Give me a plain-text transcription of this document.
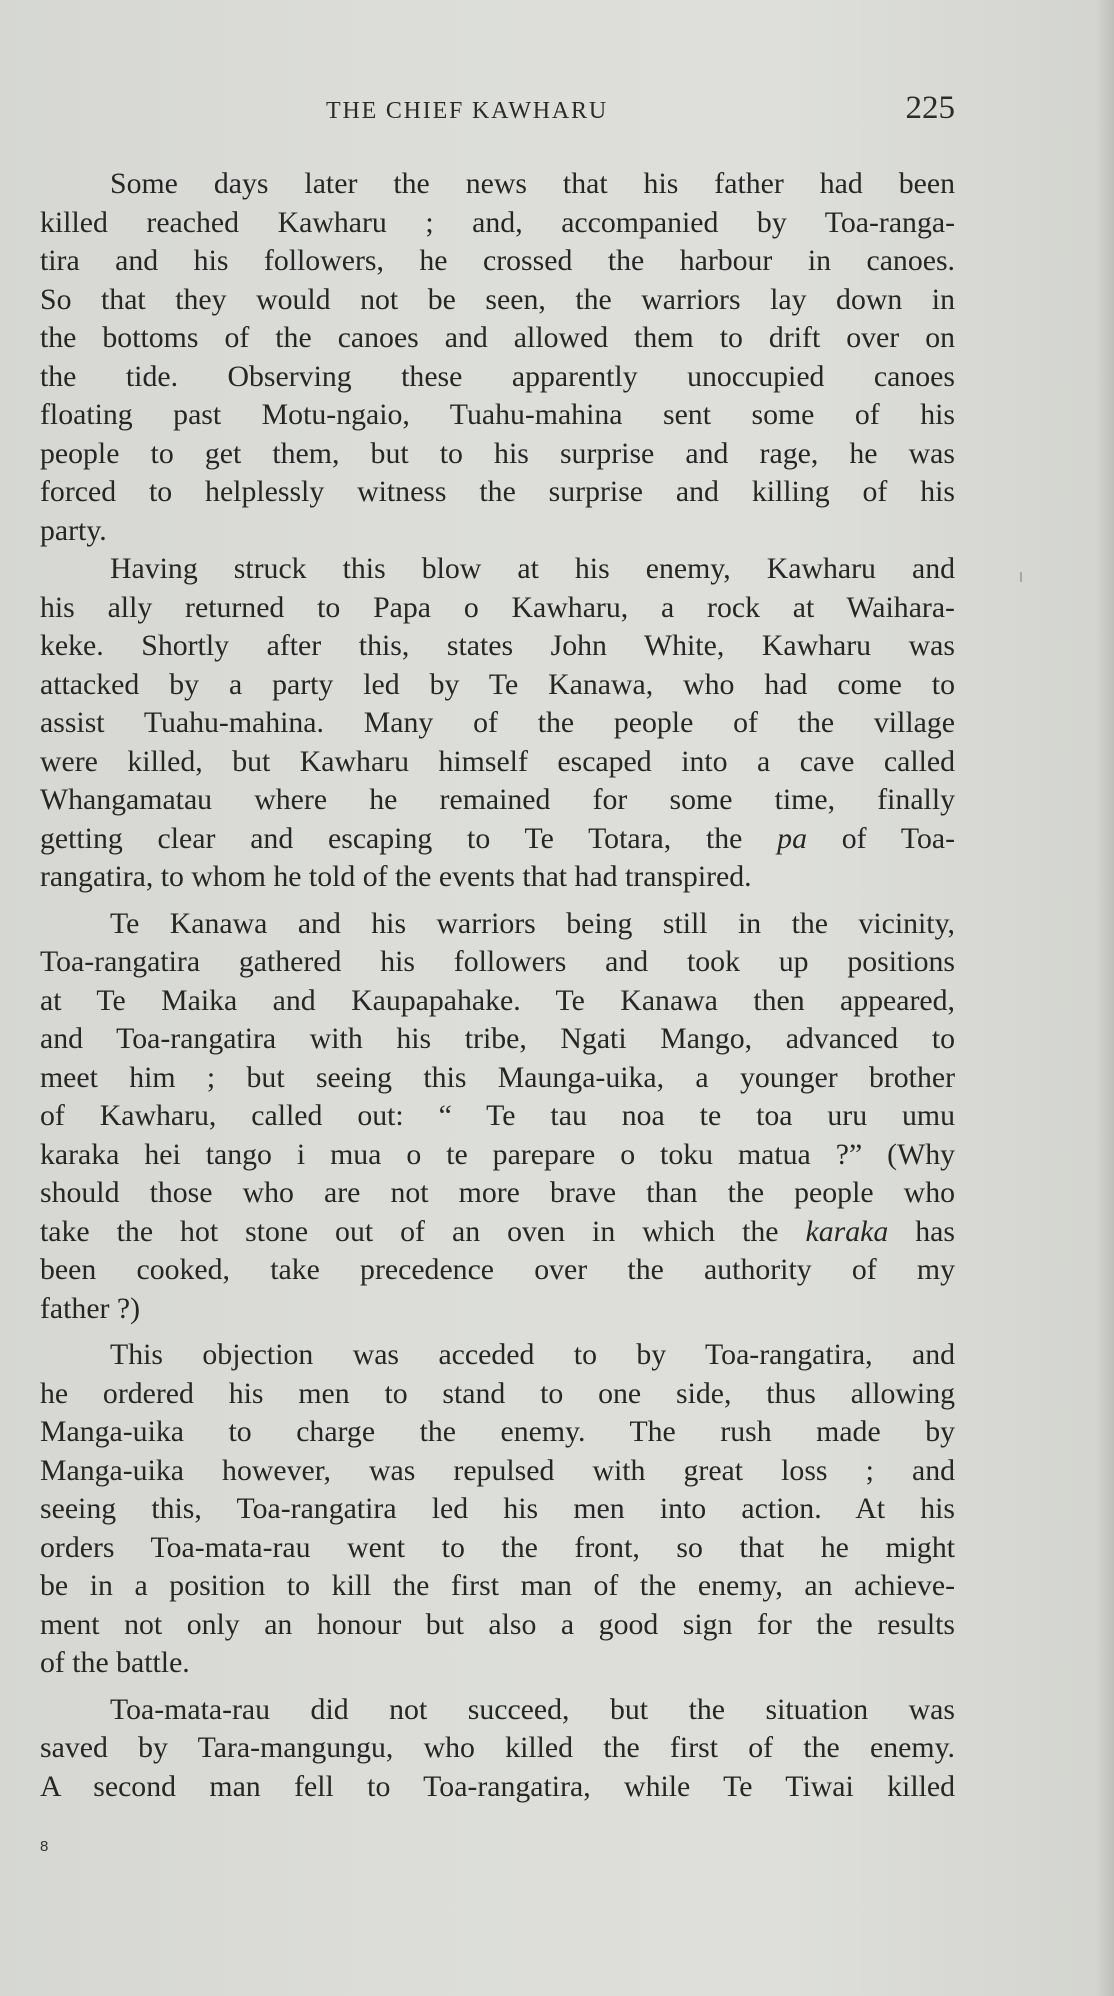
THE CHIEF KAWHARU	225
Some days later the news that his father had been
killed reached Kawharu ; and, accompanied by Toa-ranga-
tira and his followers, he crossed the harbour in canoes.
So that they would not be seen, the warriors lay down in
the bottoms of the canoes and allowed them to drift over on
the tide. Observing these apparently unoccupied canoes
floating past Motu-ngaio, Tuahu-mahina sent some of his
people to get them, but to his surprise and rage, he was
forced to helplessly witness the surprise and killing of his
party.
Having struck this blow at his enemy, Kawharu and
his ally returned to Papa o Kawharu, a rock at Waihara-
keke. Shortly after this, states John White, Kawharu was
attacked by a party led by Te Kanawa, who had come to
assist Tuahu-mahina. Many of the people of the village
were killed, but Kawharu himself escaped into a cave called
Whangamatau where he remained for some time, finally
getting clear and escaping to Te Totara, the pa of Toa-
rangatira, to whom he told of the events that had transpired.
Te Kanawa and his warriors being still in the vicinity,
Toa-rangatira gathered his followers and took up positions
at Te Maika and Kaupapahake. Te Kanawa then appeared,
and Toa-rangatira with his tribe, Ngati Mango, advanced to
meet him ; but seeing this Maunga-uika, a younger brother
of Kawharu, called out: “ Te tau noa te toa uru umu
karaka hei tango i mua o te parepare o toku matua ?” (Why
should those who are not more brave than the people who
take the hot stone out of an oven in which the karaka has
been cooked, take precedence over the authority of my
father ?)
This objection was acceded to by Toa-rangatira, and
he ordered his men to stand to one side, thus allowing
Manga-uika to charge the enemy. The rush made by
Manga-uika however, was repulsed with great loss ; and
seeing this, Toa-rangatira led his men into action. At his
orders Toa-mata-rau went to the front, so that he might
be in a position to kill the first man of the enemy, an achieve-
ment not only an honour but also a good sign for the results
of the battle.
Toa-mata-rau did not succeed, but the situation was
saved by Tara-mangungu, who killed the first of the enemy.
A second man fell to Toa-rangatira, while Te Tiwai killed
8
